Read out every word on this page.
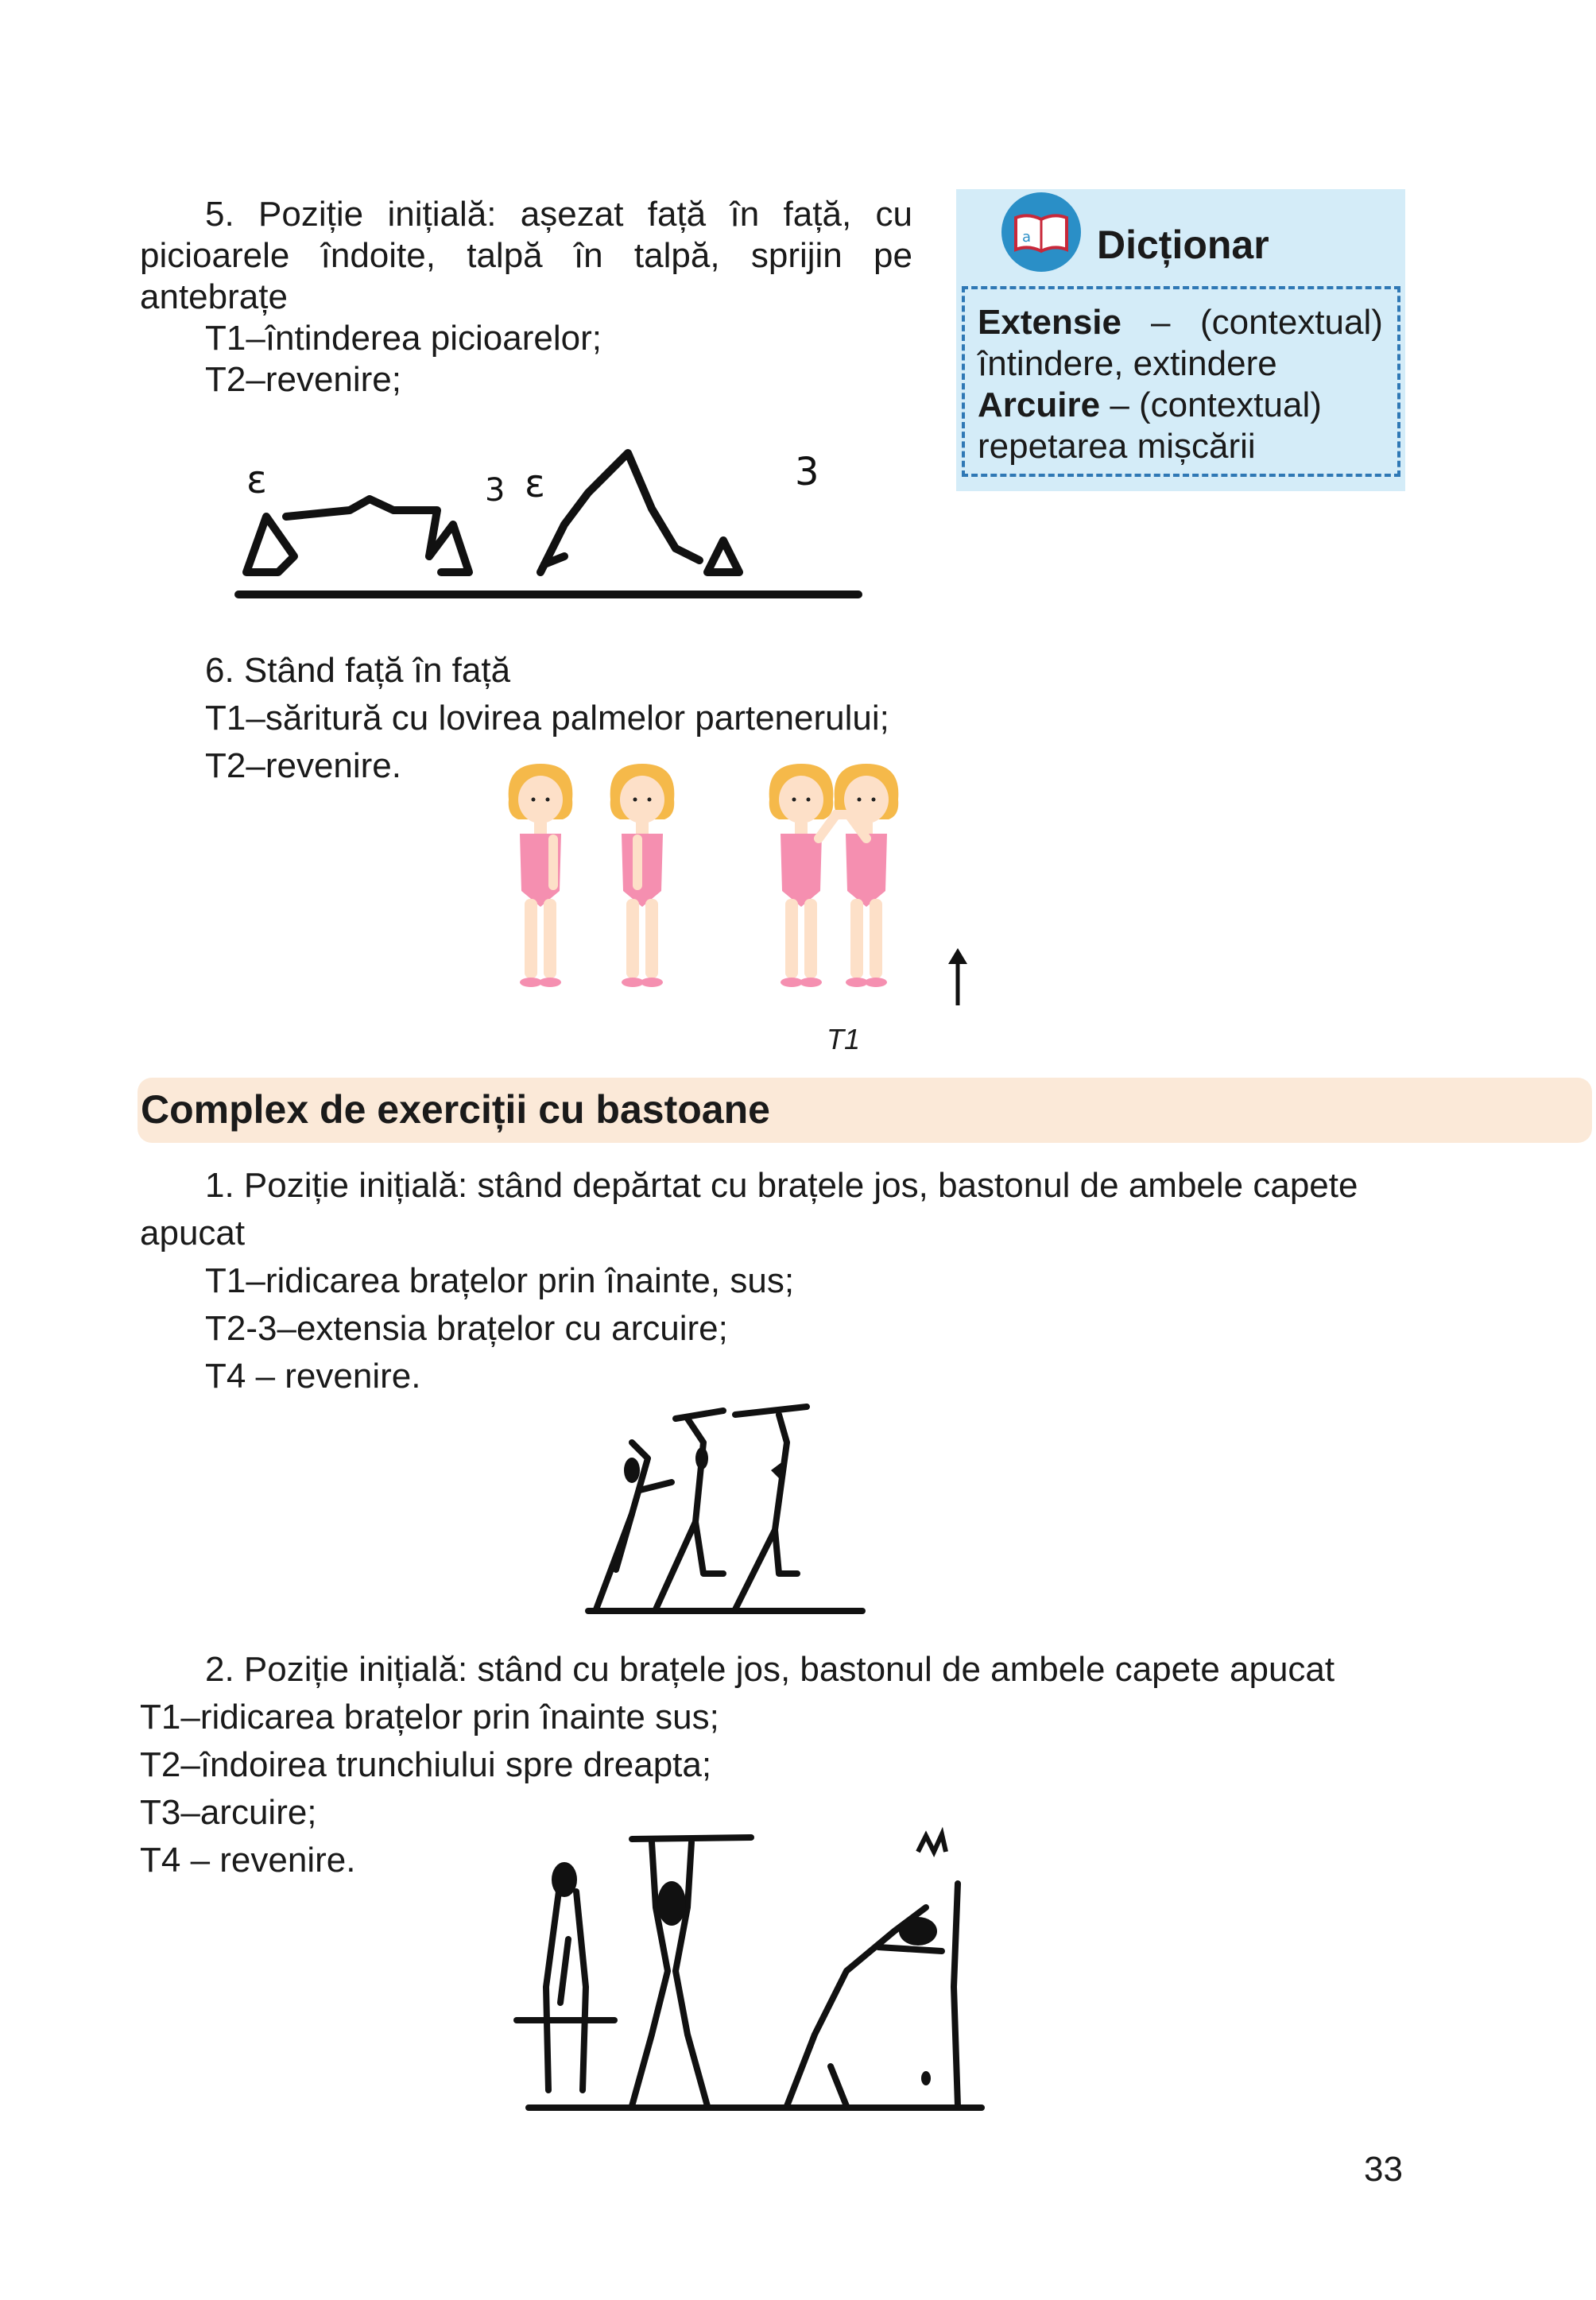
5. Poziție inițială: așezat față în față, cu
picioarele îndoite, talpă în talpă, sprijin pe
antebrațe
T1–întinderea picioarelor;
T2–revenire;
ε	3 ε	3
a Dicționar
Extensie – (contextual)
întindere, extindere
Arcuire – (contextual)
repetarea mișcării
6. Stând față în față
T1–săritură cu lovirea palmelor partenerului;
T2–revenire.
T1
Complex de exerciții cu bastoane
1. Poziție inițială: stând depărtat cu brațele jos, bastonul de ambele capete
apucat
T1–ridicarea brațelor prin înainte, sus;
T2-3–extensia brațelor cu arcuire;
T4 – revenire.
2. Poziție inițială: stând cu brațele jos, bastonul de ambele capete apucat
T1–ridicarea brațelor prin înainte sus;
T2–îndoirea trunchiului spre dreapta;
T3–arcuire;
T4 – revenire.
33
